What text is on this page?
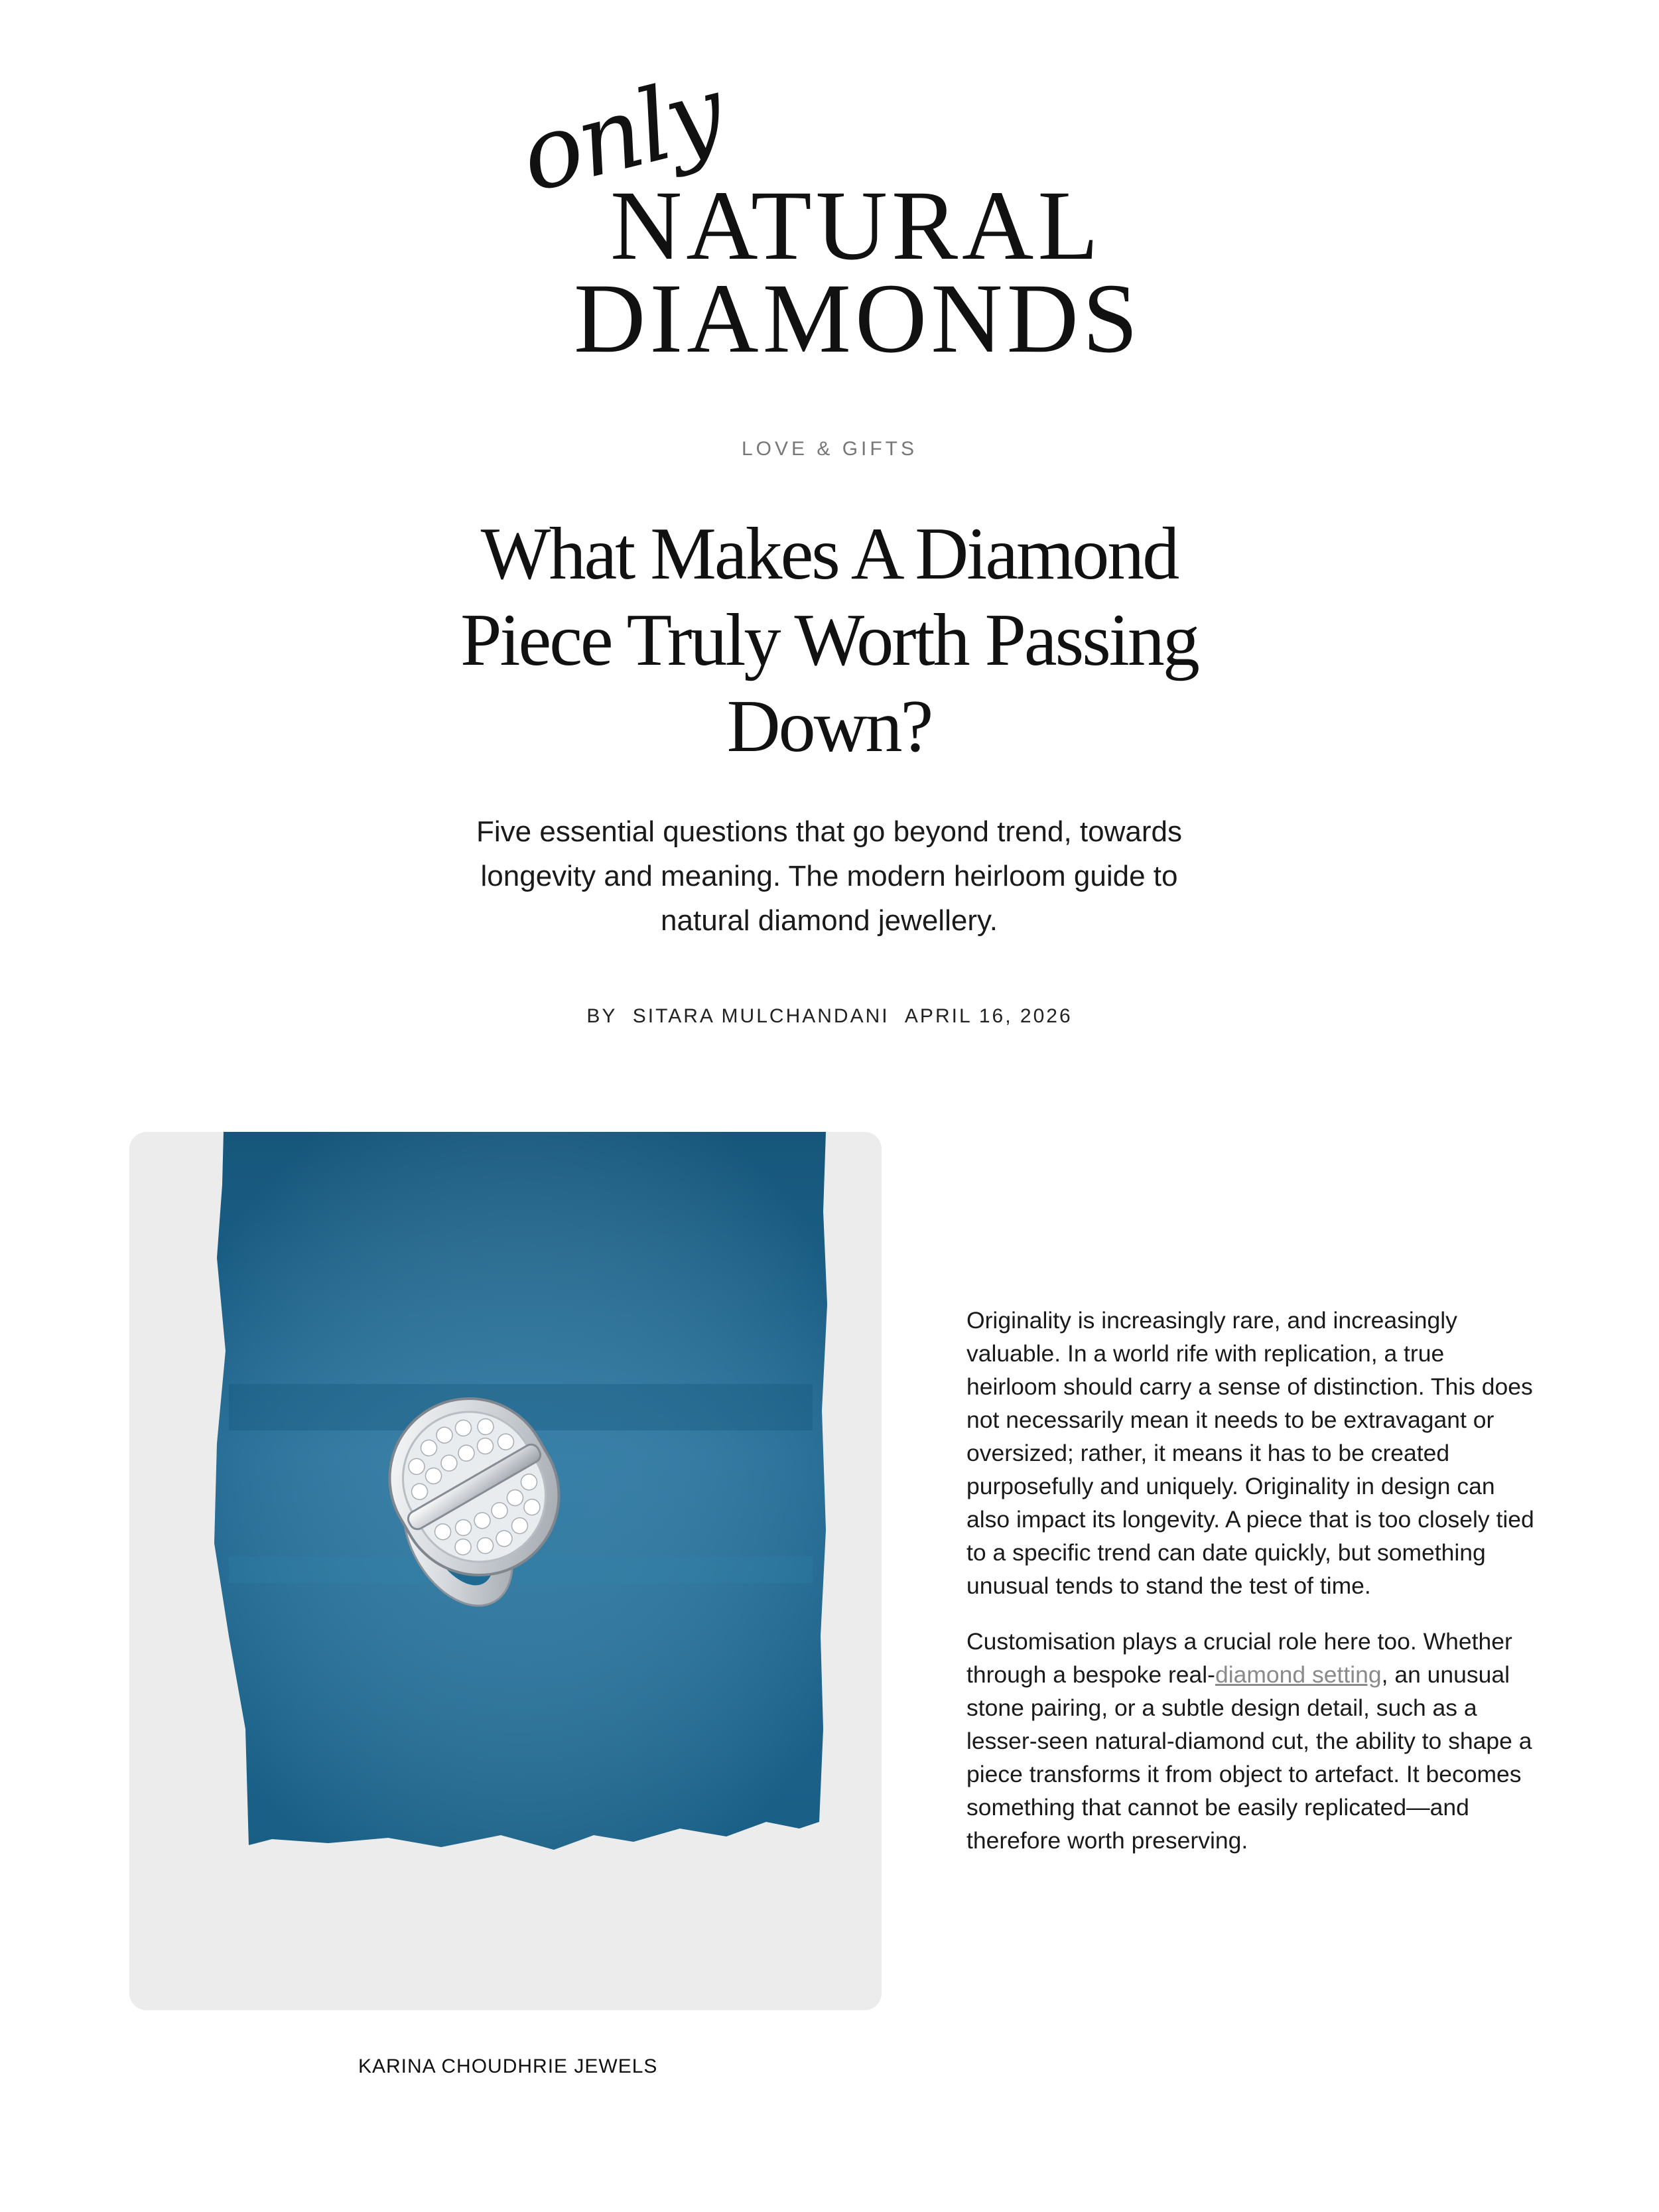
only
NATURAL
DIAMONDS
LOVE & GIFTS
What Makes A Diamond Piece Truly Worth Passing Down?
Five essential questions that go beyond trend, towards longevity and meaning. The modern heirloom guide to natural diamond jewellery.
BY SITARA MULCHANDANI APRIL 16, 2026
KARINA CHOUDHRIE JEWELS

Originality is increasingly rare, and increasingly valuable. In a world rife with replication, a true heirloom should carry a sense of distinction. This does not necessarily mean it needs to be extravagant or oversized; rather, it means it has to be created purposefully and uniquely. Originality in design can also impact its longevity. A piece that is too closely tied to a specific trend can date quickly, but something unusual tends to stand the test of time.

Customisation plays a crucial role here too. Whether through a bespoke real-diamond setting, an unusual stone pairing, or a subtle design detail, such as a lesser-seen natural-diamond cut, the ability to shape a piece transforms it from object to artefact. It becomes something that cannot be easily replicated—and therefore worth preserving.
